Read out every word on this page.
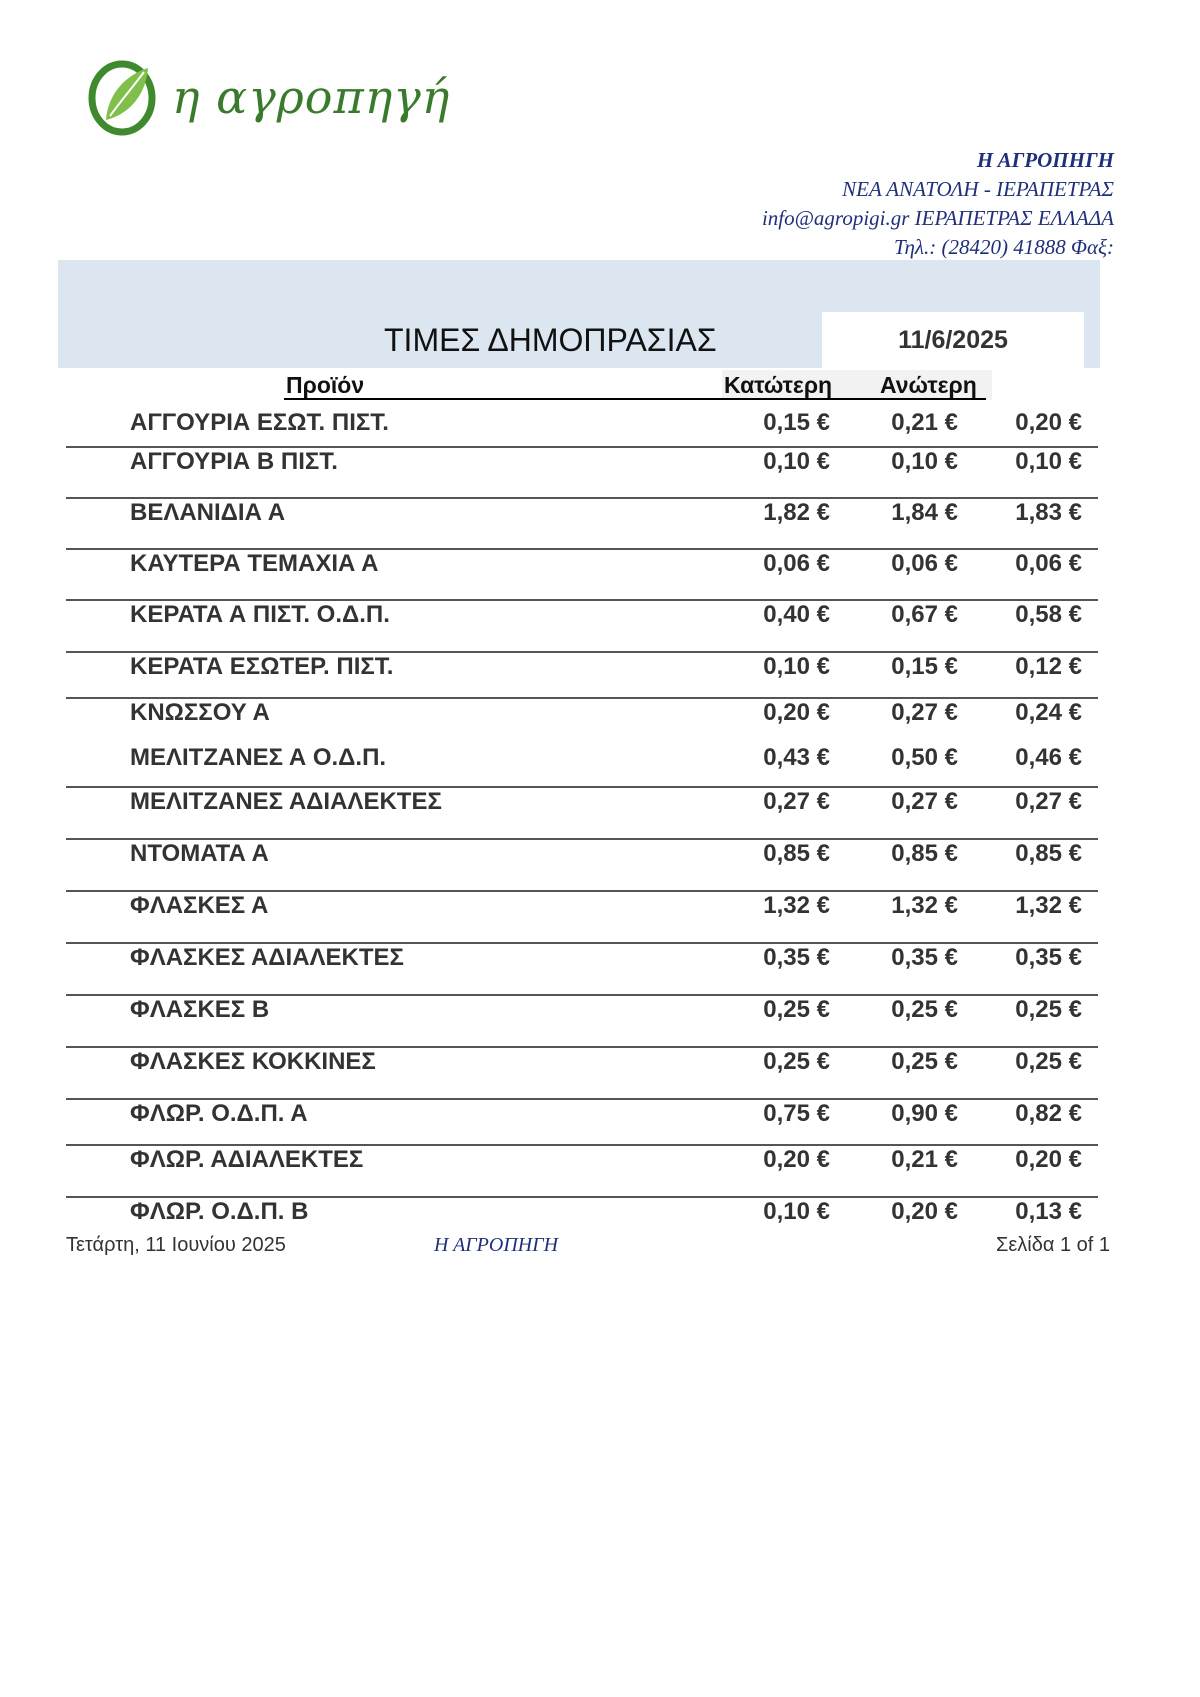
η αγροπηγή
Η ΑΓΡΟΠΗΓΗ
ΝΕΑ ΑΝΑΤΟΛΗ - ΙΕΡΑΠΕΤΡΑΣ
info@agropigi.gr ΙΕΡΑΠΕΤΡΑΣ ΕΛΛΑΔΑ
Τηλ.: (28420) 41888 Φαξ:
11/6/2025
ΤΙΜΕΣ ΔΗΜΟΠΡΑΣΙΑΣ
Προϊόν	Κατώτερη Ανώτερη
ΑΓΓΟΥΡΙΑ ΕΣΩΤ. ΠΙΣΤ.	0,15 €	0,21 €	0,20 €
ΑΓΓΟΥΡΙΑ Β ΠΙΣΤ.	0,10 €	0,10 €	0,10 €
ΒΕΛΑΝΙΔΙΑ Α	1,82 €	1,84 €	1,83 €
ΚΑΥΤΕΡΑ ΤΕΜΑΧΙΑ Α	0,06 €	0,06 €	0,06 €
ΚΕΡΑΤΑ Α ΠΙΣΤ. Ο.Δ.Π.	0,40 €	0,67 €	0,58 €
ΚΕΡΑΤΑ ΕΣΩΤΕΡ. ΠΙΣΤ.	0,10 €	0,15 €	0,12 €
ΚΝΩΣΣΟΥ Α	0,20 €	0,27 €	0,24 €
ΜΕΛΙΤΖΑΝΕΣ Α Ο.Δ.Π.	0,43 €	0,50 €	0,46 €
ΜΕΛΙΤΖΑΝΕΣ ΑΔΙΑΛΕΚΤΕΣ	0,27 €	0,27 €	0,27 €
ΝΤΟΜΑΤΑ Α	0,85 €	0,85 €	0,85 €
ΦΛΑΣΚΕΣ Α	1,32 €	1,32 €	1,32 €
ΦΛΑΣΚΕΣ ΑΔΙΑΛΕΚΤΕΣ	0,35 €	0,35 €	0,35 €
ΦΛΑΣΚΕΣ Β	0,25 €	0,25 €	0,25 €
ΦΛΑΣΚΕΣ ΚΟΚΚΙΝΕΣ	0,25 €	0,25 €	0,25 €
ΦΛΩΡ. Ο.Δ.Π. Α	0,75 €	0,90 €	0,82 €
ΦΛΩΡ. ΑΔΙΑΛΕΚΤΕΣ	0,20 €	0,21 €	0,20 €
ΦΛΩΡ. Ο.Δ.Π. Β	0,10 €	0,20 €	0,13 €
Τετάρτη, 11 Ιουνίου 2025	Η ΑΓΡΟΠΗΓΗ	Σελίδα 1 of 1
